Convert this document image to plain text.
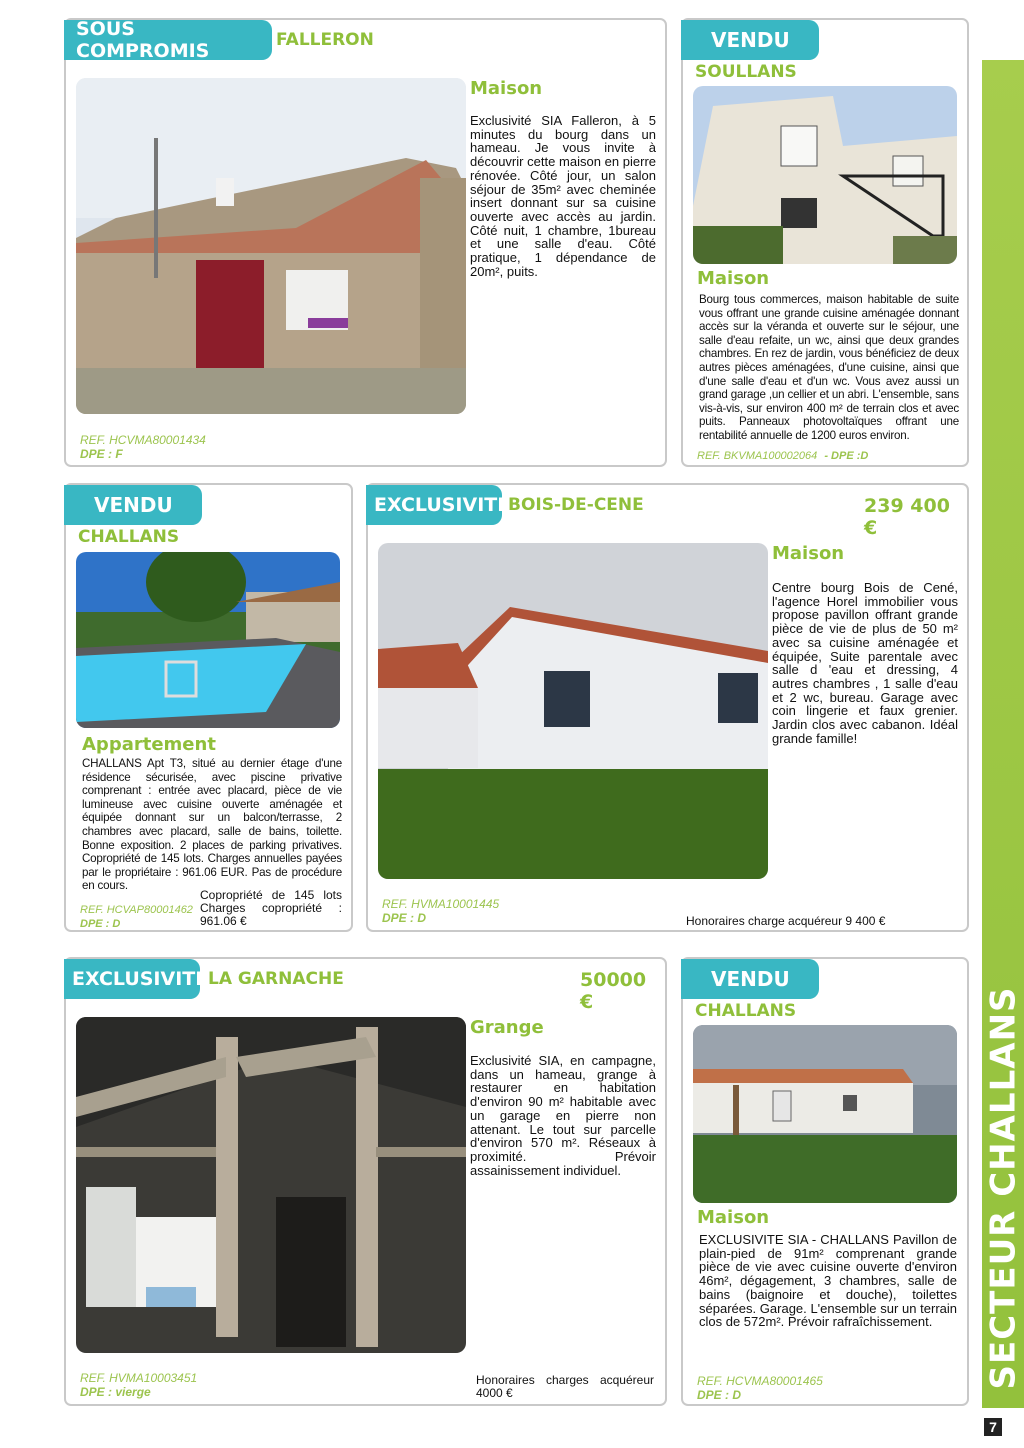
SECTEUR CHALLANS
7
SOUS COMPROMIS	FALLERON
Maison
Exclusivité SIA Falleron, à 5 minutes du bourg dans un hameau. Je vous invite à découvrir cette maison en pierre rénovée. Côté jour, un salon séjour de 35m² avec cheminée insert donnant sur sa cuisine ouverte avec accès au jardin. Côté nuit, 1 chambre, 1bureau et une salle d'eau. Côté pratique, 1 dépendance de 20m², puits.
REF. HCVMA80001434
DPE : F
VENDU
SOULLANS
Maison
Bourg tous commerces, maison habitable de suite vous offrant une grande cuisine aménagée donnant accès sur la véranda et ouverte sur le séjour, une salle d'eau refaite, un wc, ainsi que deux grandes chambres. En rez de jardin, vous bénéficiez de deux autres pièces aménagées, d'une cuisine, ainsi que d'une salle d'eau et d'un wc. Vous avez aussi un grand garage ,un cellier et un abri. L'ensemble, sans vis-à-vis, sur environ 400 m² de terrain clos et avec puits. Panneaux photovoltaïques offrant une rentabilité annuelle de 1200 euros environ.
REF. BKVMA100002064 - DPE :D
VENDU
CHALLANS
Appartement
CHALLANS Apt T3, situé au dernier étage d'une résidence sécurisée, avec piscine privative comprenant : entrée avec placard, pièce de vie lumineuse avec cuisine ouverte aménagée et équipée donnant sur un balcon/terrasse, 2 chambres avec placard, salle de bains, toilette. Bonne exposition. 2 places de parking privatives. Copropriété de 145 lots. Charges annuelles payées par le propriétaire : 961.06 EUR. Pas de procédure en cours.
REF. HCVAP80001462
DPE : D
Copropriété de 145 lots Charges copropriété : 961.06 €
EXCLUSIVITE
BOIS-DE-CENE	239 400 €
Maison
Centre bourg Bois de Cené, l'agence Horel immobilier vous propose pavillon offrant grande pièce de vie de plus de 50 m² avec sa cuisine aménagée et équipée, Suite parentale avec salle d 'eau et dressing, 4 autres chambres , 1 salle d'eau et 2 wc, bureau. Garage avec coin lingerie et faux grenier. Jardin clos avec cabanon. Idéal grande famille!
REF. HVMA10001445
DPE : D	Honoraires charge acquéreur 9 400 €
EXCLUSIVITE LA GARNACHE	50000 €
Grange
Exclusivité SIA, en campagne, dans un hameau, grange à restaurer en habitation d'environ 90 m² habitable avec un garage en pierre non attenant. Le tout sur parcelle d'environ 570 m². Réseaux à proximité. Prévoir assainissement individuel.
REF. HVMA10003451
DPE : vierge
Honoraires charges acquéreur 4000 €
VENDU
CHALLANS
Maison
EXCLUSIVITE SIA - CHALLANS Pavillon de plain-pied de 91m² comprenant grande pièce de vie avec cuisine ouverte d'environ 46m², dégagement, 3 chambres, salle de bains (baignoire et douche), toilettes séparées. Garage. L'ensemble sur un terrain clos de 572m². Prévoir rafraîchissement.
REF. HCVMA80001465
DPE : D
